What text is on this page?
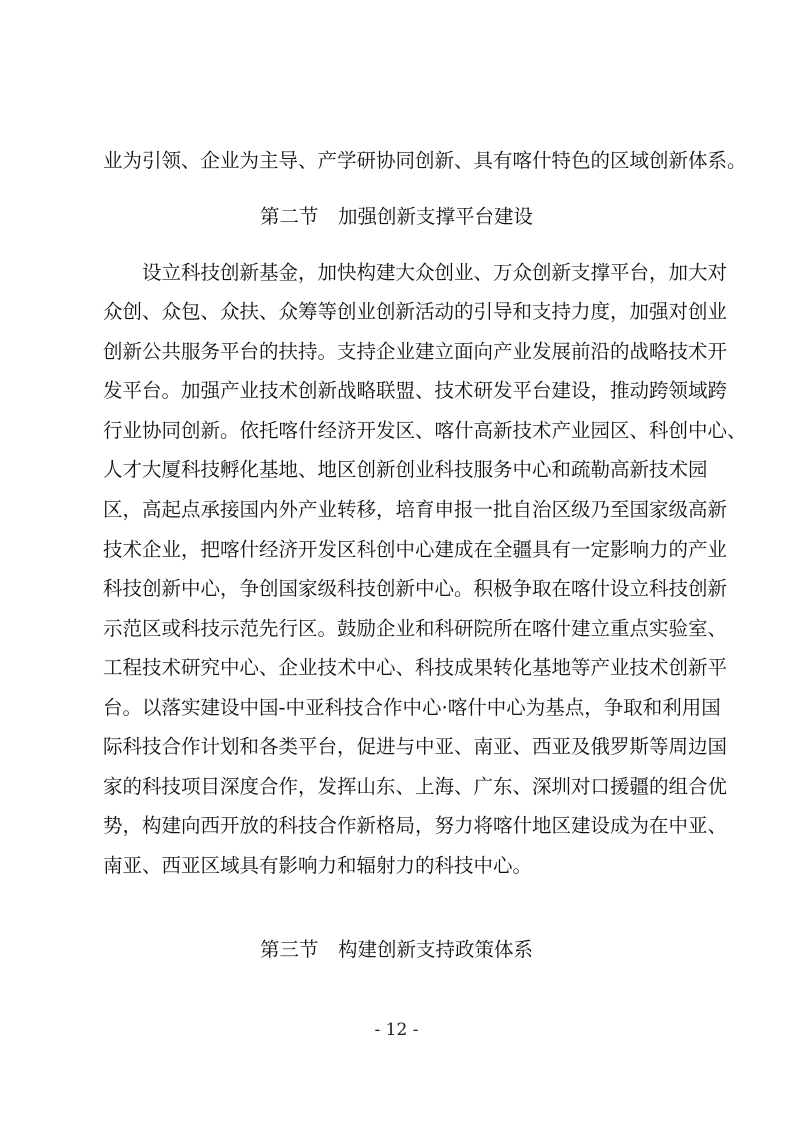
业为引领、企业为主导、产学研协同创新、具有喀什特色的区域创新体系。
第二节　加强创新支撑平台建设
设立科技创新基金，加快构建大众创业、万众创新支撑平台，加大对
众创、众包、众扶、众筹等创业创新活动的引导和支持力度，加强对创业
创新公共服务平台的扶持。支持企业建立面向产业发展前沿的战略技术开
发平台。加强产业技术创新战略联盟、技术研发平台建设，推动跨领域跨
行业协同创新。依托喀什经济开发区、喀什高新技术产业园区、科创中心、
人才大厦科技孵化基地、地区创新创业科技服务中心和疏勒高新技术园
区，高起点承接国内外产业转移，培育申报一批自治区级乃至国家级高新
技术企业，把喀什经济开发区科创中心建成在全疆具有一定影响力的产业
科技创新中心，争创国家级科技创新中心。积极争取在喀什设立科技创新
示范区或科技示范先行区。鼓励企业和科研院所在喀什建立重点实验室、
工程技术研究中心、企业技术中心、科技成果转化基地等产业技术创新平
台。以落实建设中国-中亚科技合作中心·喀什中心为基点，争取和利用国
际科技合作计划和各类平台，促进与中亚、南亚、西亚及俄罗斯等周边国
家的科技项目深度合作，发挥山东、上海、广东、深圳对口援疆的组合优
势，构建向西开放的科技合作新格局，努力将喀什地区建设成为在中亚、
南亚、西亚区域具有影响力和辐射力的科技中心。
第三节　构建创新支持政策体系
- 12 -
